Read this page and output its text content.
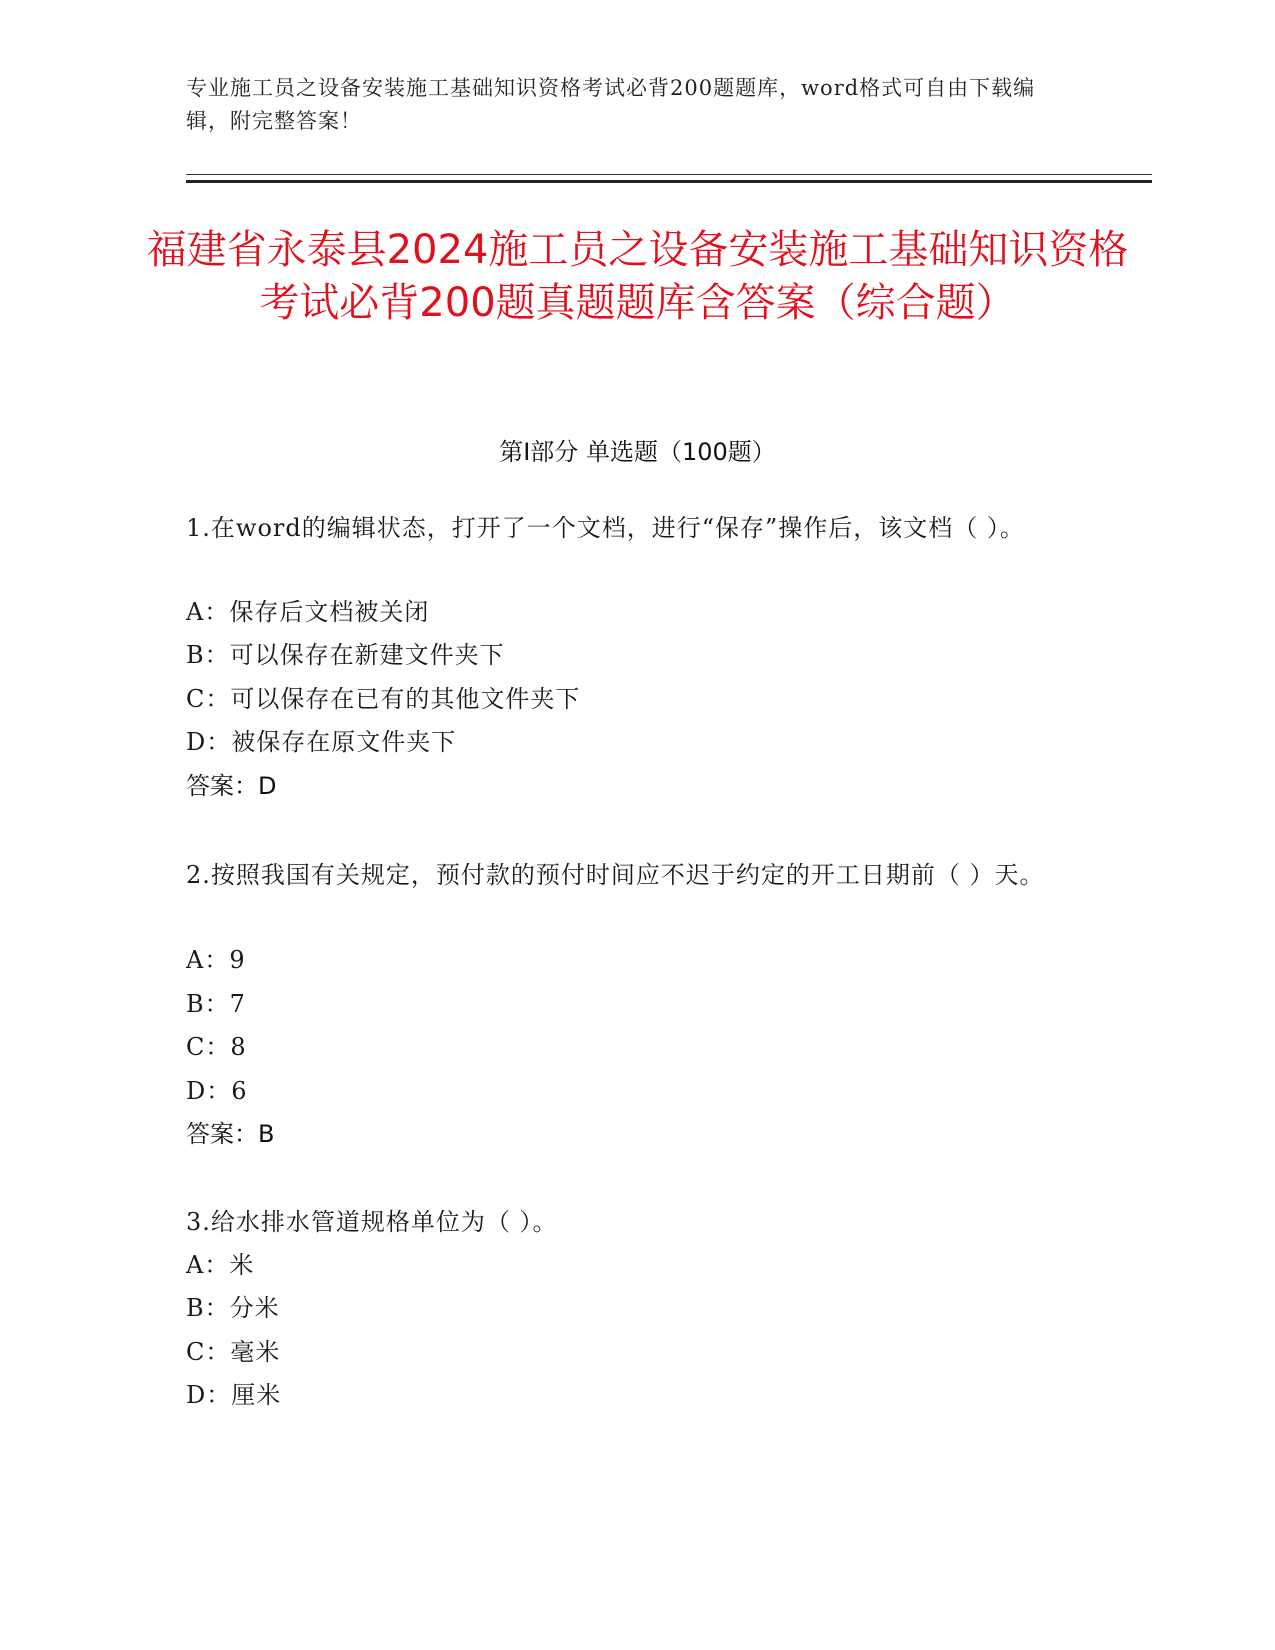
专业施工员之设备安装施工基础知识资格考试必背200题题库，word格式可自由下载编辑，附完整答案！
福建省永泰县2024施工员之设备安装施工基础知识资格考试必背200题真题题库含答案（综合题）
第I部分 单选题（100题）
1.在word的编辑状态，打开了一个文档，进行“保存”操作后，该文档（ ）。
A：保存后文档被关闭
B：可以保存在新建文件夹下
C：可以保存在已有的其他文件夹下
D：被保存在原文件夹下
答案：D
2.按照我国有关规定，预付款的预付时间应不迟于约定的开工日期前（ ）天。
A：9
B：7
C：8
D：6
答案：B
3.给水排水管道规格单位为（ ）。
A：米
B：分米
C：毫米
D：厘米
